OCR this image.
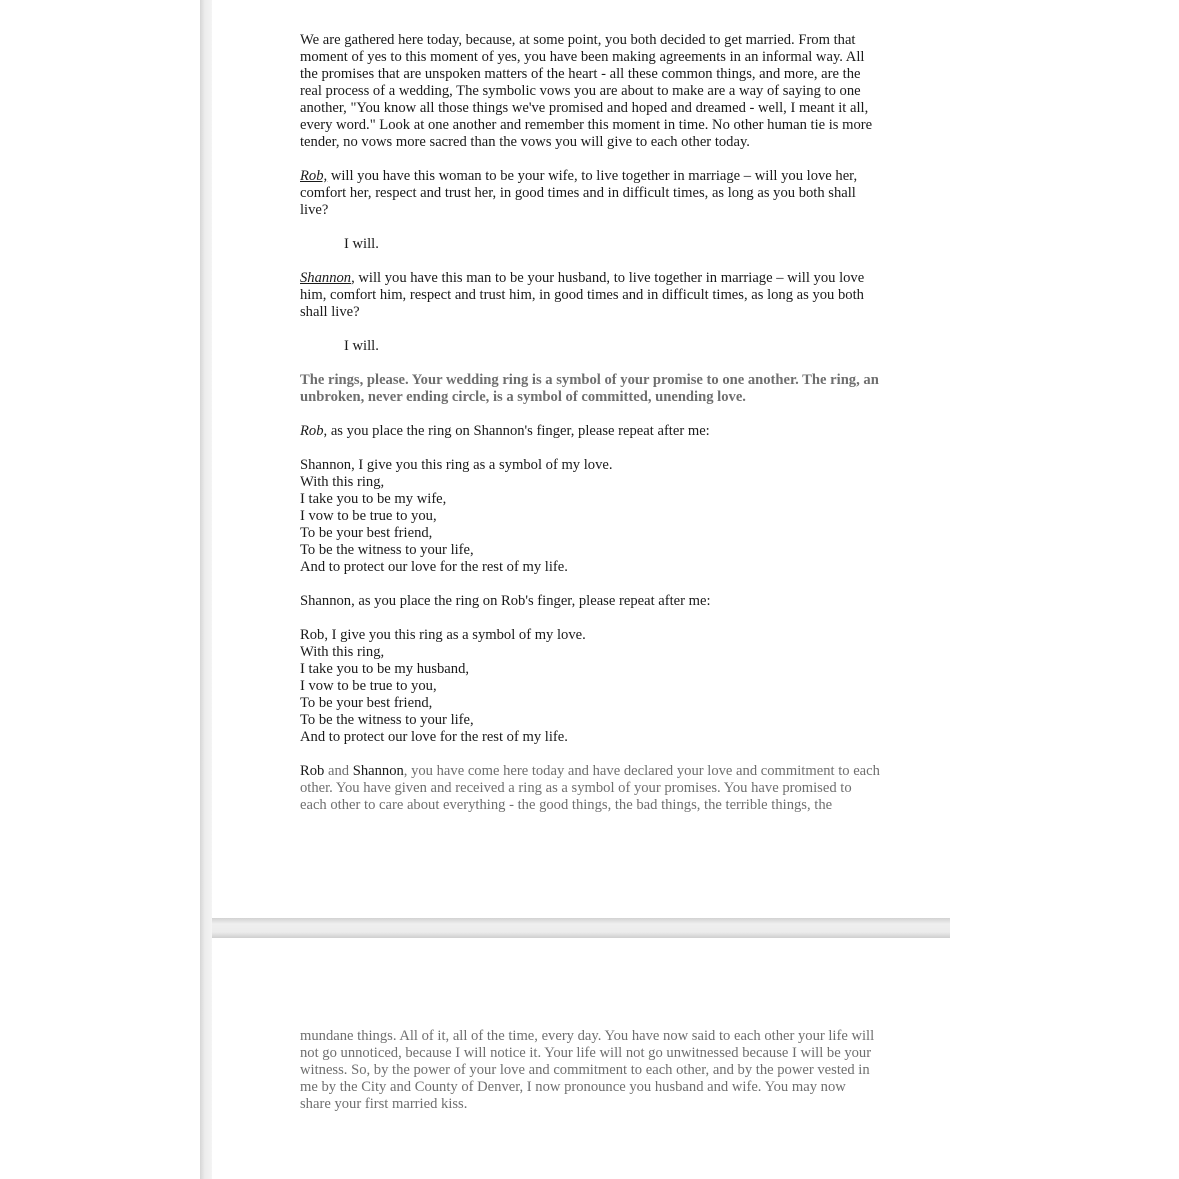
We are gathered here today, because, at some point, you both decided to get married. From that moment of yes to this moment of yes, you have been making agreements in an informal way. All the promises that are unspoken matters of the heart - all these common things, and more, are the real process of a wedding, The symbolic vows you are about to make are a way of saying to one another, "You know all those things we've promised and hoped and dreamed - well, I meant it all, every word." Look at one another and remember this moment in time. No other human tie is more tender, no vows more sacred than the vows you will give to each other today.

Rob, will you have this woman to be your wife, to live together in marriage – will you love her, comfort her, respect and trust her, in good times and in difficult times, as long as you both shall live?

I will.

Shannon, will you have this man to be your husband, to live together in marriage – will you love him, comfort him, respect and trust him, in good times and in difficult times, as long as you both shall live?

I will.

The rings, please. Your wedding ring is a symbol of your promise to one another. The ring, an unbroken, never ending circle, is a symbol of committed, unending love.

Rob, as you place the ring on Shannon's finger, please repeat after me:

Shannon, I give you this ring as a symbol of my love.
With this ring,
I take you to be my wife,
I vow to be true to you,
To be your best friend,
To be the witness to your life,
And to protect our love for the rest of my life.

Shannon, as you place the ring on Rob's finger, please repeat after me:

Rob, I give you this ring as a symbol of my love.
With this ring,
I take you to be my husband,
I vow to be true to you,
To be your best friend,
To be the witness to your life,
And to protect our love for the rest of my life.

Rob and Shannon, you have come here today and have declared your love and commitment to each other. You have given and received a ring as a symbol of your promises. You have promised to each other to care about everything - the good things, the bad things, the terrible things, the

mundane things. All of it, all of the time, every day. You have now said to each other your life will not go unnoticed, because I will notice it. Your life will not go unwitnessed because I will be your witness. So, by the power of your love and commitment to each other, and by the power vested in me by the City and County of Denver, I now pronounce you husband and wife. You may now share your first married kiss.
